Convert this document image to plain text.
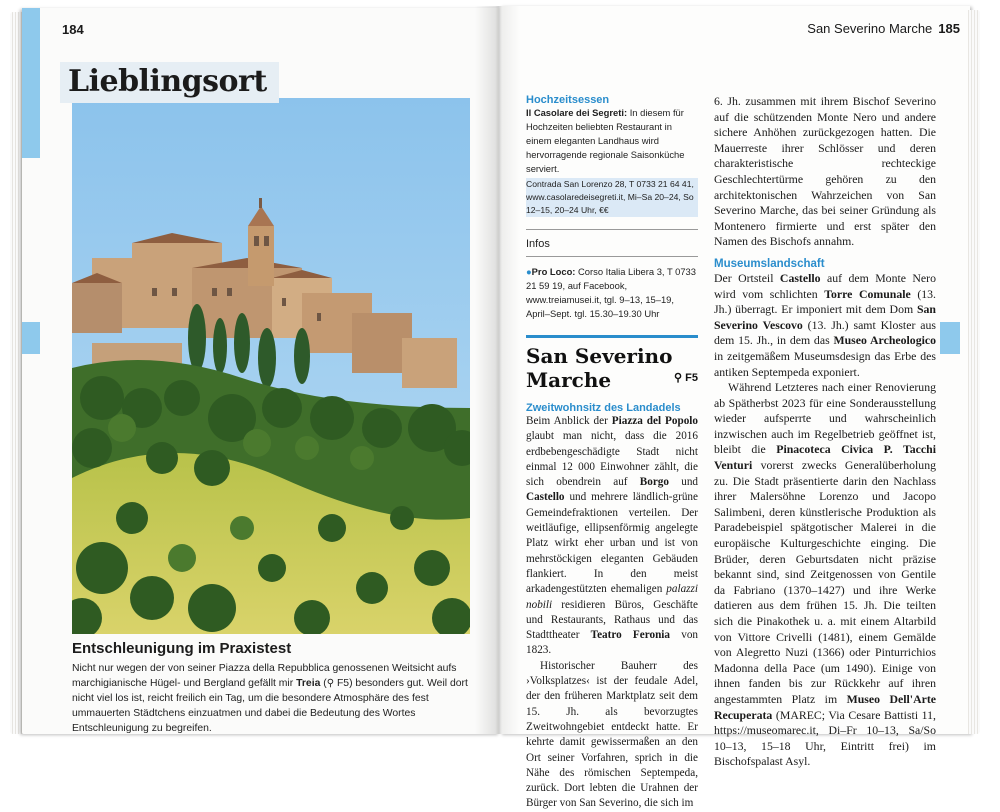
184	San Severino Marche 185
Lieblingsort
Entschleunigung im Praxistest

Nicht nur wegen der von seiner Piazza della Repubblica genossenen Weitsicht aufs marchigianische Hügel- und Bergland gefällt mir Treia (⚲ F5) besonders gut. Weil dort nicht viel los ist, reicht freilich ein Tag, um die besondere Atmosphäre des fest ummauerten Städtchens einzuatmen und dabei die Bedeutung des Wortes Entschleunigung zu begreifen.

Hochzeitsessen
Il Casolare dei Segreti: In diesem für Hochzeiten beliebten Restaurant in einem eleganten Landhaus wird hervorragende regionale Saisonküche serviert.
Contrada San Lorenzo 28, T 0733 21 64 41, www.casolaredeisegreti.it, Mi–Sa 20–24, So 12–15, 20–24 Uhr, €€
Infos
●Pro Loco: Corso Italia Libera 3, T 0733 21 59 19, auf Facebook, www.treiamusei.it, tgl. 9–13, 15–19, April–Sept. tgl. 15.30–19.30 Uhr
San Severino
Marche	⚲ F5
Zweitwohnsitz des Landadels

Beim Anblick der Piazza del Popolo glaubt man nicht, dass die 2016 erdbebengeschädigte Stadt nicht einmal 12 000 Einwohner zählt, die sich obendrein auf Borgo und Castello und mehrere ländlich-grüne Gemeindefraktionen verteilen. Der weitläufige, ellipsenförmig angelegte Platz wirkt eher urban und ist von mehrstöckigen eleganten Gebäuden flankiert. In den meist arkadengestützten ehemaligen palazzi nobili residieren Büros, Geschäfte und Restaurants, Rathaus und das Stadttheater Teatro Feronia von 1823.

Historischer Bauherr des ›Volksplatzes‹ ist der feudale Adel, der den früheren Marktplatz seit dem 15. Jh. als bevorzugtes Zweitwohngebiet entdeckt hatte. Er kehrte damit gewissermaßen an den Ort seiner Vorfahren, sprich in die Nähe des römischen Septempeda, zurück. Dort lebten die Urahnen der Bürger von San Severino, die sich im

6. Jh. zusammen mit ihrem Bischof Severino auf die schützenden Monte Nero und andere sichere Anhöhen zurückgezogen hatten. Die Mauerreste ihrer Schlösser und deren charakteristische rechteckige Geschlechtertürme gehören zu den architektonischen Wahrzeichen von San Severino Marche, das bei seiner Gründung als Montenero firmierte und erst später den Namen des Bischofs annahm.

Museumslandschaft

Der Ortsteil Castello auf dem Monte Nero wird vom schlichten Torre Comunale (13. Jh.) überragt. Er imponiert mit dem Dom San Severino Vescovo (13. Jh.) samt Kloster aus dem 15. Jh., in dem das Museo Archeologico in zeitgemäßem Museumsdesign das Erbe des antiken Septempeda exponiert.

Während Letzteres nach einer Renovierung ab Spätherbst 2023 für eine Sonderausstellung wieder aufsperrte und wahrscheinlich inzwischen auch im Regelbetrieb geöffnet ist, bleibt die Pinacoteca Civica P. Tacchi Venturi vorerst zwecks Generalüberholung zu. Die Stadt präsentierte darin den Nachlass ihrer Malersöhne Lorenzo und Jacopo Salimbeni, deren künstlerische Produktion als Paradebeispiel spätgotischer Malerei in die europäische Kulturgeschichte einging. Die Brüder, deren Geburtsdaten nicht präzise bekannt sind, sind Zeitgenossen von Gentile da Fabriano (1370–1427) und ihre Werke datieren aus dem frühen 15. Jh. Die teilten sich die Pinakothek u. a. mit einem Altarbild von Vittore Crivelli (1481), einem Gemälde von Alegretto Nuzi (1366) oder Pinturrichios Madonna della Pace (um 1490). Einige von ihnen fanden bis zur Rückkehr auf ihren angestammten Platz im Museo Dell'Arte Recuperata (MAREC; Via Cesare Battisti 11, https://museomarec.it, Di–Fr 10–13, Sa/So 10–13, 15–18 Uhr, Eintritt frei) im Bischofspalast Asyl.
